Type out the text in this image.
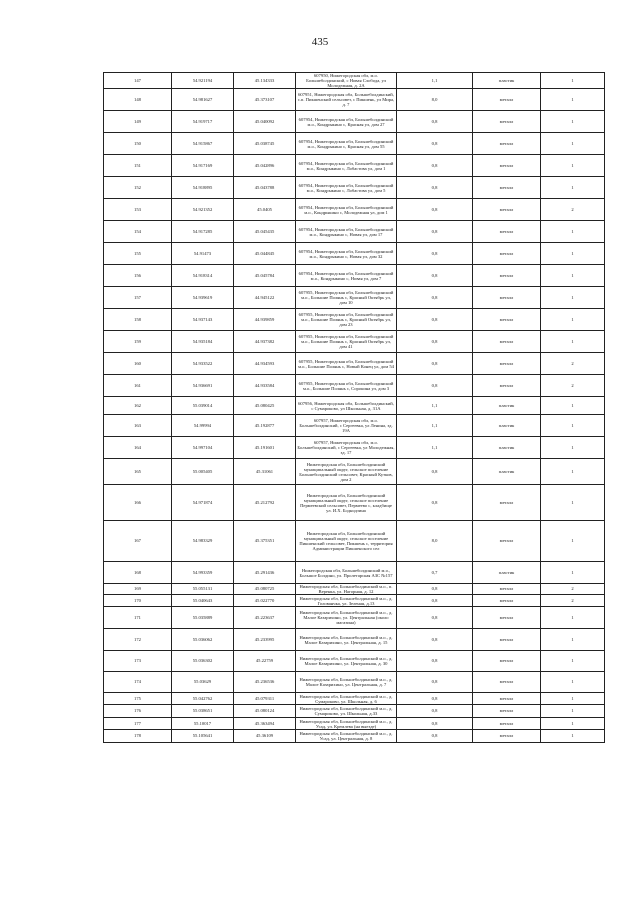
435
147	54.921194	45.134333	607950, Нижегородская обл, м.о. Большеболдинский, с Новая Слобода, ул Молодежная, д. 2А	1,1	пластик	1
148	54.981627	45.373107	607951, Нижегородская обл, Большеболдинский, с.п. Пикшенский сельсовет, с Пикшень, ул Мира, д. 7	8,0	металл	1
149	54.919717	45.040092	607954, Нижегородская обл, Большеболдинский м.о., Кондрыкино с, Красная ул, дом 27	0,8	металл	1
150	54.915867	45.038745	607954, Нижегородская обл, Большеболдинский м.о., Кондрыкино с, Красная ул, дом 55	0,8	металл	1
151	54.917169	45.042896	607954, Нижегородская обл, Большеболдинский м.о., Кондрыкино с, Лобастова ул, дом 1	0,8	металл	1
152	54.918895	45.043788	607954, Нижегородская обл, Большеболдинский м.о., Кондрыкино с, Лобастова ул, дом 5	0,8	металл	1
153	54.921352	45.0405	607954, Нижегородская обл, Большеболдинский м.о., Кондрыкино с, Молодежная ул, дом 1	0,8	металл	2
154	54.917285	45.045435	607954, Нижегородская обл, Большеболдинский м.о., Кондрыкино с, Новая ул, дом 17	0,8	металл	1
155	54.91473	45.044845	607954, Нижегородская обл, Большеболдинский м.о., Кондрыкино с, Новая ул, дом 32	0,8	металл	1
156	54.918314	45.045784	607954, Нижегородская обл, Большеболдинский м.о., Кондрыкино с, Новая ул, дом 7	0,8	металл	1
157	54.939619	44.945122	607955, Нижегородская обл, Большеболдинский м.о., Большие Полянь с, Красный Октябрь ул, дом 10	0,8	металл	1
158	54.937143	44.939859	607955, Нижегородская обл, Большеболдинский м.о., Большие Полянь с, Красный Октябрь ул, дом 23	0,8	металл	1
159	54.935184	44.937382	607955, Нижегородская обл, Большеболдинский м.о., Большие Полянь с, Красный Октябрь ул, дом 41	0,8	металл	1
160	54.933522	44.934593	607955, Нижегородская обл, Большеболдинский м.о., Большие Полянь с, Новый Конец ул, дом 54	0,8	металл	2
161	54.936691	44.933584	607955, Нижегородская обл, Большеболдинский м.о., Большие Полянь с, Сорокина ул, дом 3	0,8	металл	2
162	55.039014	45.080425	607956, Нижегородская обл, Большеболдинский, с Сумароково, ул Школьная, д. 31А	1,1	пластик	1
163	54.99994	45.192877	607957, Нижегородская обл, м.о. Большеболдинский, с Сергеевка, ул Ленина, зд. 19А	1,1	пластик	1
164	54.997104	45.191601	607957, Нижегородская обл, м.о. Большеболдинский, с Сергеевка, ул Молодежная, зд. 17	1,1	пластик	1
165	55.005405	45.31061	Нижегородская обл, Большеболдинский муниципальный округ, сельское поселение Большеболдинский сельсовет, Красный Кутков, дом 2	0,8	пластик	1
166	54.971874	45.212792	Нижегородская обл, Большеболдинский муниципальный округ, сельское поселение Пермеевский сельсовет, Пермеево с, кладбище ул. И.Х. Боднодзина	0,8	металл	1
167	54.983329	45.375351	Нижегородская обл, Большеболдинский муниципальный округ, сельское поселение Пикшенский сельсовет, Пикшень с, территория Администрации Пикшенского сел	8,0	металл	1
168	54.993359	45.291436	Нижегородская обл, Большеболдинский м.о., Большое Болдино, ул. Пролетарская АЗС №157	0,7	пластик	1
169	55.055131	45.080725	Нижегородская обл, Большеболдинский м.о., п. Веренка, ул. Нагорная, д. 12	0,8	металл	2
170	55.040643	45.022770	Нижегородская обл, Большеболдинский м.о., д. Голованчка, ул. Зеленая, д.13	0,8	металл	2
171	55.035889	45.223637	Нижегородская обл, Большеболдинский м.о., д. Малое Казарихино, ул. Центральная (около магазина)	0,8	металл	1
172	55.036062	45.233995	Нижегородская обл, Большеболдинский м.о., д. Малое Казарихино, ул. Центральная, д. 15	0,8	металл	1
173	55.036302	45.22759	Нижегородская обл, Большеболдинский м.о., д. Малое Казарихино, ул. Центральная, д. 30	0,8	металл	1
174	55.03629	45.236536	Нижегородская обл, Большеболдинский м.о., д. Малое Казарихино, ул. Центральная, д. 7	0,8	металл	1
175	55.042762	45.079311	Нижегородская обл, Большеболдинский м.о., д. Сумароково, ул. Школьная, д. 6	0,8	металл	1
176	55.038651	45.080124	Нижегородская обл, Большеболдинский м.о., д. Сумароково, ул. Школьная, д.33	0,8	металл	1
177	55.10017	45.363494	Нижегородская обл, Большеболдинский м.о., д. Усад, ул. Кремлева (на выезде)	0,8	металл	1
178	55.105641	45.36109	Нижегородская обл, Большеболдинский м.о., д. Усад, ул. Центральная, д. 8	0,8	металл	1
